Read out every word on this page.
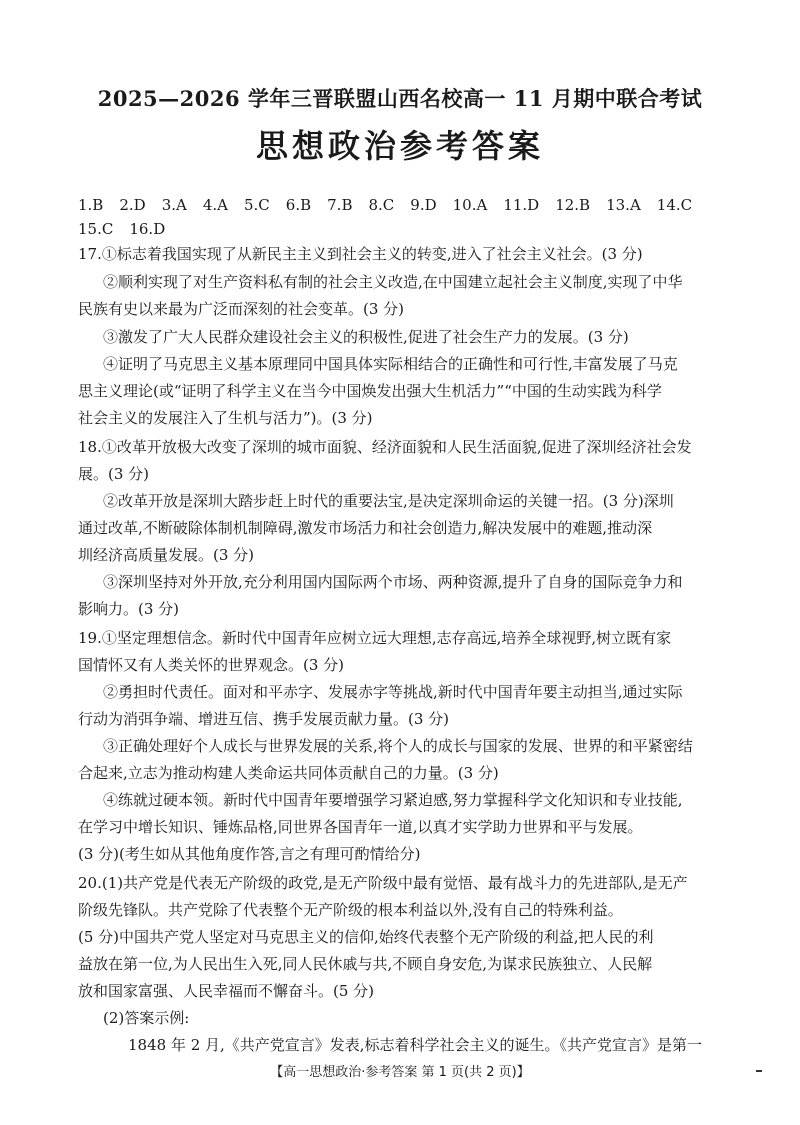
2025—2026 学年三晋联盟山西名校高一 11 月期中联合考试
思想政治参考答案
1.B 2.D 3.A 4.A 5.C 6.B 7.B 8.C 9.D 10.A 11.D 12.B 13.A 14.C
15.C 16.D
17.①标志着我国实现了从新民主主义到社会主义的转变,进入了社会主义社会。(3 分)
②顺利实现了对生产资料私有制的社会主义改造,在中国建立起社会主义制度,实现了中华
民族有史以来最为广泛而深刻的社会变革。(3 分)
③激发了广大人民群众建设社会主义的积极性,促进了社会生产力的发展。(3 分)
④证明了马克思主义基本原理同中国具体实际相结合的正确性和可行性,丰富发展了马克
思主义理论(或“证明了科学主义在当今中国焕发出强大生机活力”“中国的生动实践为科学
社会主义的发展注入了生机与活力”)。(3 分)
18.①改革开放极大改变了深圳的城市面貌、经济面貌和人民生活面貌,促进了深圳经济社会发
展。(3 分)
②改革开放是深圳大踏步赶上时代的重要法宝,是决定深圳命运的关键一招。(3 分)深圳
通过改革,不断破除体制机制障碍,激发市场活力和社会创造力,解决发展中的难题,推动深
圳经济高质量发展。(3 分)
③深圳坚持对外开放,充分利用国内国际两个市场、两种资源,提升了自身的国际竞争力和
影响力。(3 分)
19.①坚定理想信念。新时代中国青年应树立远大理想,志存高远,培养全球视野,树立既有家
国情怀又有人类关怀的世界观念。(3 分)
②勇担时代责任。面对和平赤字、发展赤字等挑战,新时代中国青年要主动担当,通过实际
行动为消弭争端、增进互信、携手发展贡献力量。(3 分)
③正确处理好个人成长与世界发展的关系,将个人的成长与国家的发展、世界的和平紧密结
合起来,立志为推动构建人类命运共同体贡献自己的力量。(3 分)
④练就过硬本领。新时代中国青年要增强学习紧迫感,努力掌握科学文化知识和专业技能,
在学习中增长知识、锤炼品格,同世界各国青年一道,以真才实学助力世界和平与发展。
(3 分)(考生如从其他角度作答,言之有理可酌情给分)
20.(1)共产党是代表无产阶级的政党,是无产阶级中最有觉悟、最有战斗力的先进部队,是无产
阶级先锋队。共产党除了代表整个无产阶级的根本利益以外,没有自己的特殊利益。
(5 分)中国共产党人坚定对马克思主义的信仰,始终代表整个无产阶级的利益,把人民的利
益放在第一位,为人民出生入死,同人民休戚与共,不顾自身安危,为谋求民族独立、人民解
放和国家富强、人民幸福而不懈奋斗。(5 分)
(2)答案示例:
1848 年 2 月,《共产党宣言》发表,标志着科学社会主义的诞生。《共产党宣言》是第一
【高一思想政治·参考答案 第 1 页(共 2 页)】
